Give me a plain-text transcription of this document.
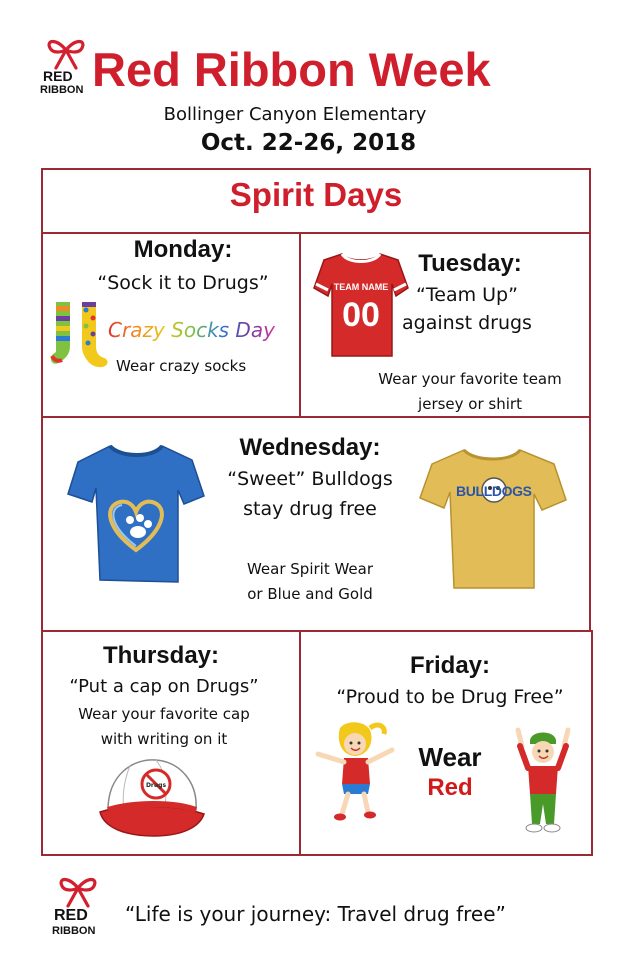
RED
RIBBON Red Ribbon Week
Bollinger Canyon Elementary
Oct. 22-26, 2018
Spirit Days
Monday:
“Sock it to Drugs”
Crazy Socks Day
Wear crazy socks
TEAM NAME
00
Tuesday:
“Team Up”
against drugs
Wear your favorite team
jersey or shirt
Wednesday:
“Sweet” Bulldogs
stay drug free
Wear Spirit Wear
or Blue and Gold
BULLDOGS
Thursday:
“Put a cap on Drugs”
Wear your favorite cap
with writing on it
Drugs
Friday:
“Proud to be Drug Free”
Wear
Red
RED
RIBBON
“Life is your journey: Travel drug free”
